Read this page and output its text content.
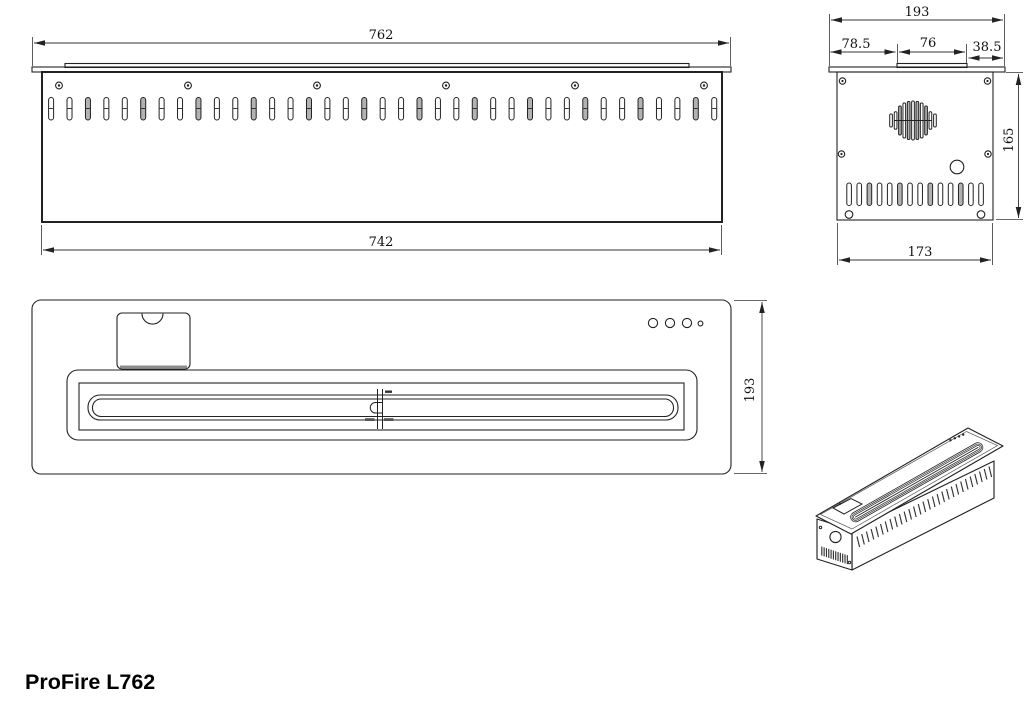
762
742
193
78.5	76	38.5
165
173
193
ProFire L762
